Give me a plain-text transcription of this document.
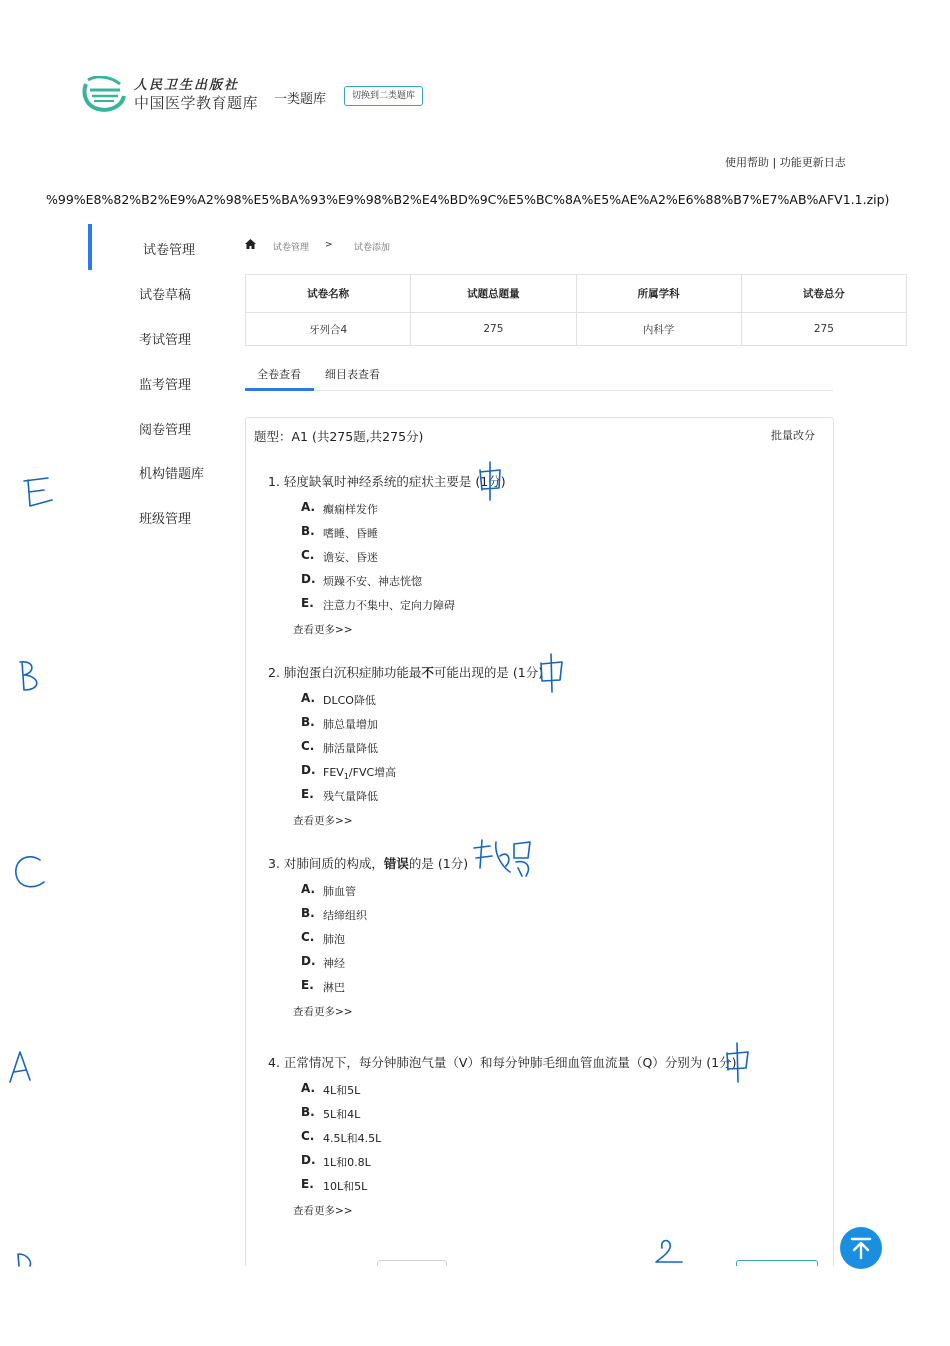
人民卫生出版社
中国医学教育题库 一类题库	切换到二类题库
使用帮助 | 功能更新日志
%99%E8%82%B2%E9%A2%98%E5%BA%93%E9%98%B2%E4%BD%9C%E5%BC%8A%E5%AE%A2%E6%88%B7%E7%AB%AFV1.1.zip)
试卷管理
试卷草稿
考试管理
监考管理
阅卷管理
机构错题库
班级管理
试卷管理 > 试卷添加
试卷名称	试题总题量	所属学科	试卷总分
牙列合4	275	内科学	275
全卷查看 细目表查看
题型：A1 (共275题,共275分)	批量改分
1. 轻度缺氧时神经系统的症状主要是 (1分)
A. 癫痫样发作
B. 嗜睡、昏睡
C. 谵妄、昏迷
D. 烦躁不安、神志恍惚
E. 注意力不集中、定向力障碍
查看更多>>
2. 肺泡蛋白沉积症肺功能最不可能出现的是 (1分)
A. DLCO降低
B. 肺总量增加
C. 肺活量降低
D. $FEV_1$/FVC增高
E. 残气量降低
查看更多>>
3. 对肺间质的构成，错误的是 (1分)
A. 肺血管
B. 结缔组织
C. 肺泡
D. 神经
E. 淋巴
查看更多>>
4. 正常情况下，每分钟肺泡气量（V）和每分钟肺毛细血管血流量（Q）分别为 (1分)
A. 4L和5L
B. 5L和4L
C. 4.5L和4.5L
D. 1L和0.8L
E. 10L和5L
查看更多>>
